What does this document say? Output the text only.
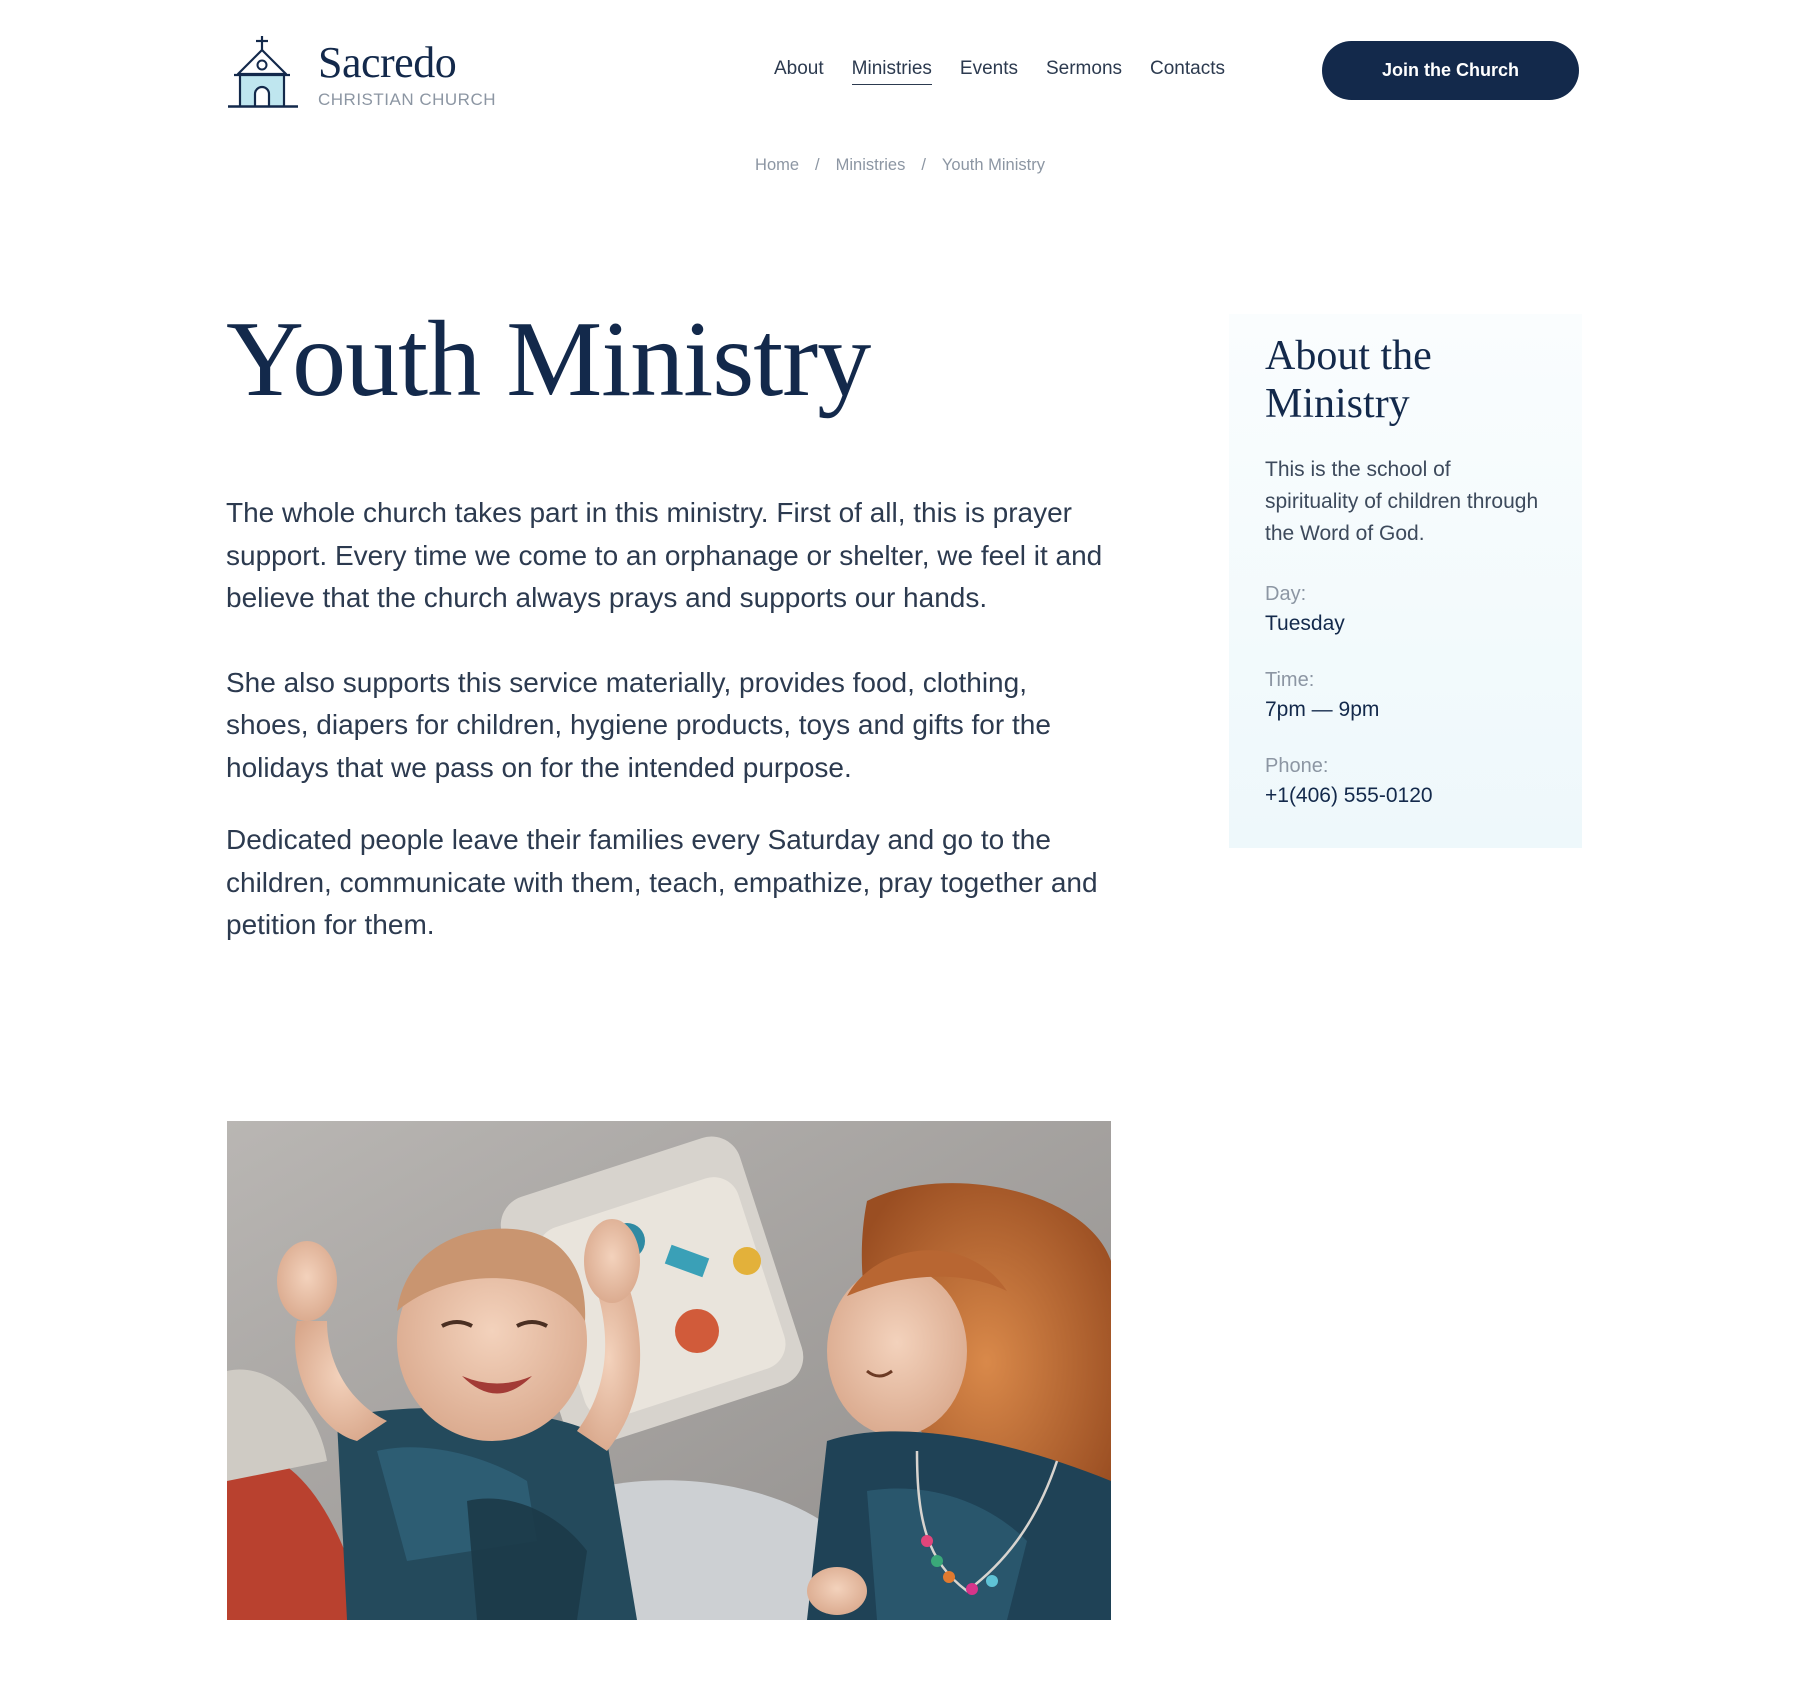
Sacredo
CHRISTIAN CHURCH
About Ministries Events Sermons Contacts	Join the Church
Home / Ministries / Youth Ministry
Youth Ministry

The whole church takes part in this ministry. First of all, this is prayer support. Every time we come to an orphanage or shelter, we feel it and believe that the church always prays and supports our hands.

She also supports this service materially, provides food, clothing, shoes, diapers for children, hygiene products, toys and gifts for the holidays that we pass on for the intended purpose.

Dedicated people leave their families every Saturday and go to the children, communicate with them, teach, empathize, pray together and petition for them.

About the Ministry

This is the school of spirituality of children through the Word of God.

Day:
Tuesday
Time:
7pm — 9pm
Phone:
+1(406) 555-0120
